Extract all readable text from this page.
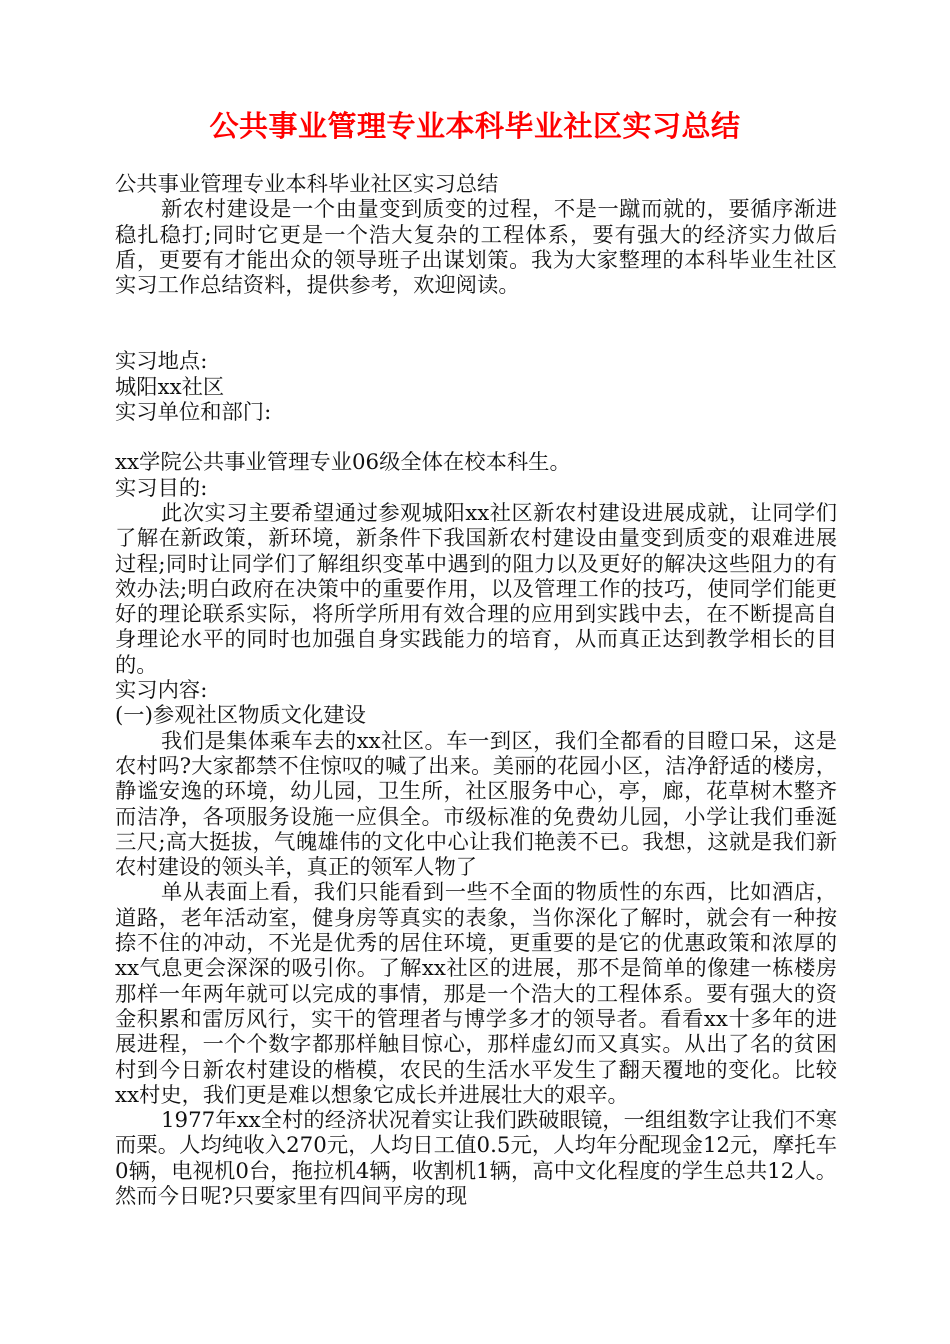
公共事业管理专业本科毕业社区实习总结

公共事业管理专业本科毕业社区实习总结

新农村建设是一个由量变到质变的过程，不是一蹴而就的，要循序渐进稳扎稳打;同时它更是一个浩大复杂的工程体系，要有强大的经济实力做后盾，更要有才能出众的领导班子出谋划策。我为大家整理的本科毕业生社区实习工作总结资料，提供参考，欢迎阅读。

实习地点:

城阳xx社区

实习单位和部门:

xx学院公共事业管理专业06级全体在校本科生。

实习目的:

此次实习主要希望通过参观城阳xx社区新农村建设进展成就，让同学们了解在新政策，新环境，新条件下我国新农村建设由量变到质变的艰难进展过程;同时让同学们了解组织变革中遇到的阻力以及更好的解决这些阻力的有效办法;明白政府在决策中的重要作用，以及管理工作的技巧，使同学们能更好的理论联系实际，将所学所用有效合理的应用到实践中去，在不断提高自身理论水平的同时也加强自身实践能力的培育，从而真正达到教学相长的目的。

实习内容:

(一)参观社区物质文化建设

我们是集体乘车去的xx社区。车一到区，我们全都看的目瞪口呆，这是农村吗?大家都禁不住惊叹的喊了出来。美丽的花园小区，洁净舒适的楼房，静谧安逸的环境，幼儿园，卫生所，社区服务中心，亭，廊，花草树木整齐而洁净，各项服务设施一应俱全。市级标准的免费幼儿园，小学让我们垂涎三尺;高大挺拔，气魄雄伟的文化中心让我们艳羡不已。我想，这就是我们新农村建设的领头羊，真正的领军人物了

单从表面上看，我们只能看到一些不全面的物质性的东西，比如酒店，道路，老年活动室，健身房等真实的表象，当你深化了解时，就会有一种按捺不住的冲动，不光是优秀的居住环境，更重要的是它的优惠政策和浓厚的xx气息更会深深的吸引你。了解xx社区的进展，那不是简单的像建一栋楼房那样一年两年就可以完成的事情，那是一个浩大的工程体系。要有强大的资金积累和雷厉风行，实干的管理者与博学多才的领导者。看看xx十多年的进展进程，一个个数字都那样触目惊心，那样虚幻而又真实。从出了名的贫困村到今日新农村建设的楷模，农民的生活水平发生了翻天覆地的变化。比较xx村史，我们更是难以想象它成长并进展壮大的艰辛。

1977年xx全村的经济状况着实让我们跌破眼镜，一组组数字让我们不寒而栗。人均纯收入270元，人均日工值0.5元，人均年分配现金12元，摩托车0辆，电视机0台，拖拉机4辆，收割机1辆，高中文化程度的学生总共12人。然而今日呢?只要家里有四间平房的现
